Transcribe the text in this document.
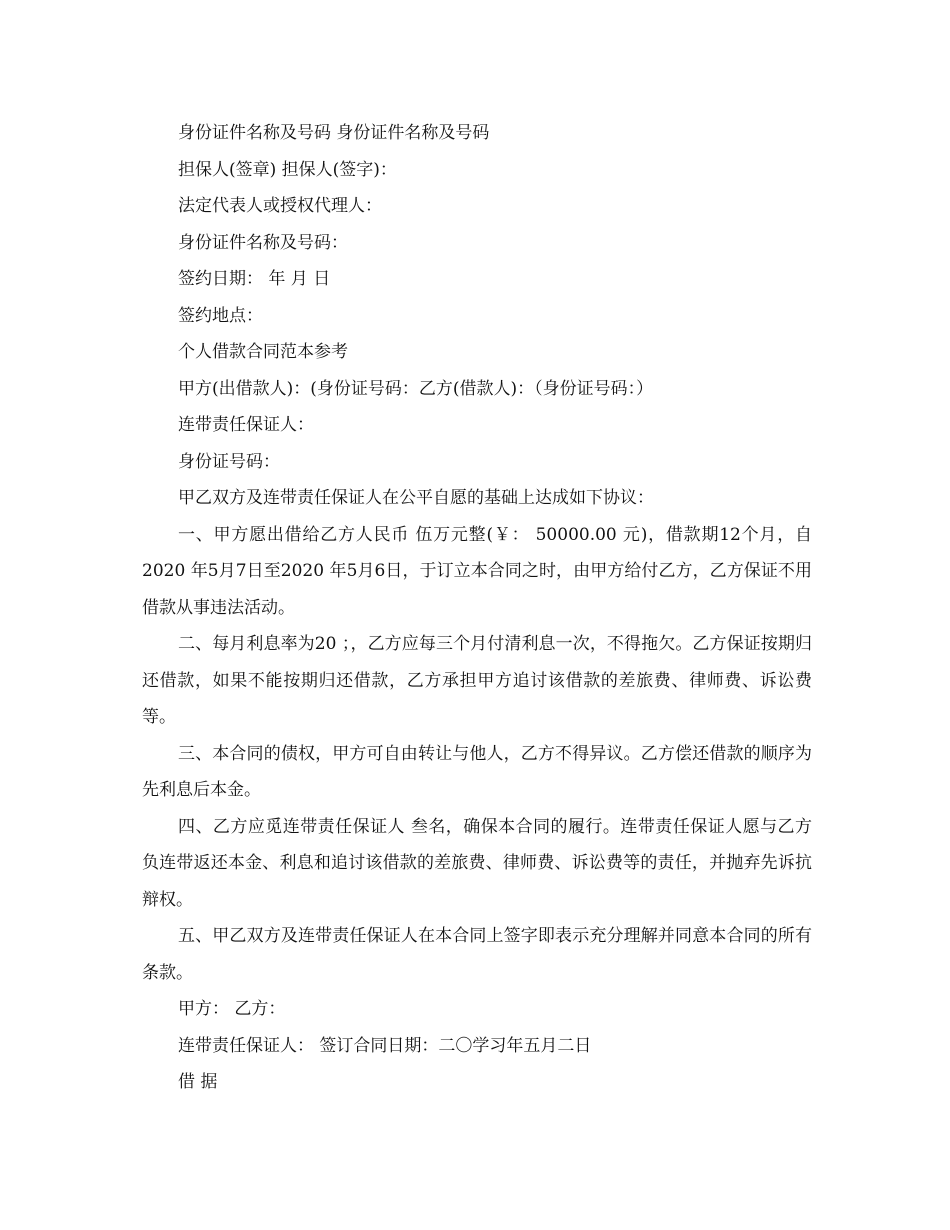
身份证件名称及号码 身份证件名称及号码

担保人(签章) 担保人(签字)：

法定代表人或授权代理人：

身份证件名称及号码：

签约日期： 年 月 日

签约地点：

个人借款合同范本参考

甲方(出借款人)：(身份证号码：乙方(借款人)：（身份证号码：）

连带责任保证人：

身份证号码：

甲乙双方及连带责任保证人在公平自愿的基础上达成如下协议：

一、甲方愿出借给乙方人民币 伍万元整(￥： 50000.00 元)，借款期12个月，自2020 年5月7日至2020 年5月6日，于订立本合同之时，由甲方给付乙方，乙方保证不用借款从事违法活动。

二、每月利息率为20 ；，乙方应每三个月付清利息一次，不得拖欠。乙方保证按期归还借款，如果不能按期归还借款，乙方承担甲方追讨该借款的差旅费、律师费、诉讼费等。

三、本合同的债权，甲方可自由转让与他人，乙方不得异议。乙方偿还借款的顺序为先利息后本金。

四、乙方应觅连带责任保证人 叁名，确保本合同的履行。连带责任保证人愿与乙方负连带返还本金、利息和追讨该借款的差旅费、律师费、诉讼费等的责任，并抛弃先诉抗辩权。

五、甲乙双方及连带责任保证人在本合同上签字即表示充分理解并同意本合同的所有条款。

甲方： 乙方：

连带责任保证人： 签订合同日期：二〇学习年五月二日

借 据
